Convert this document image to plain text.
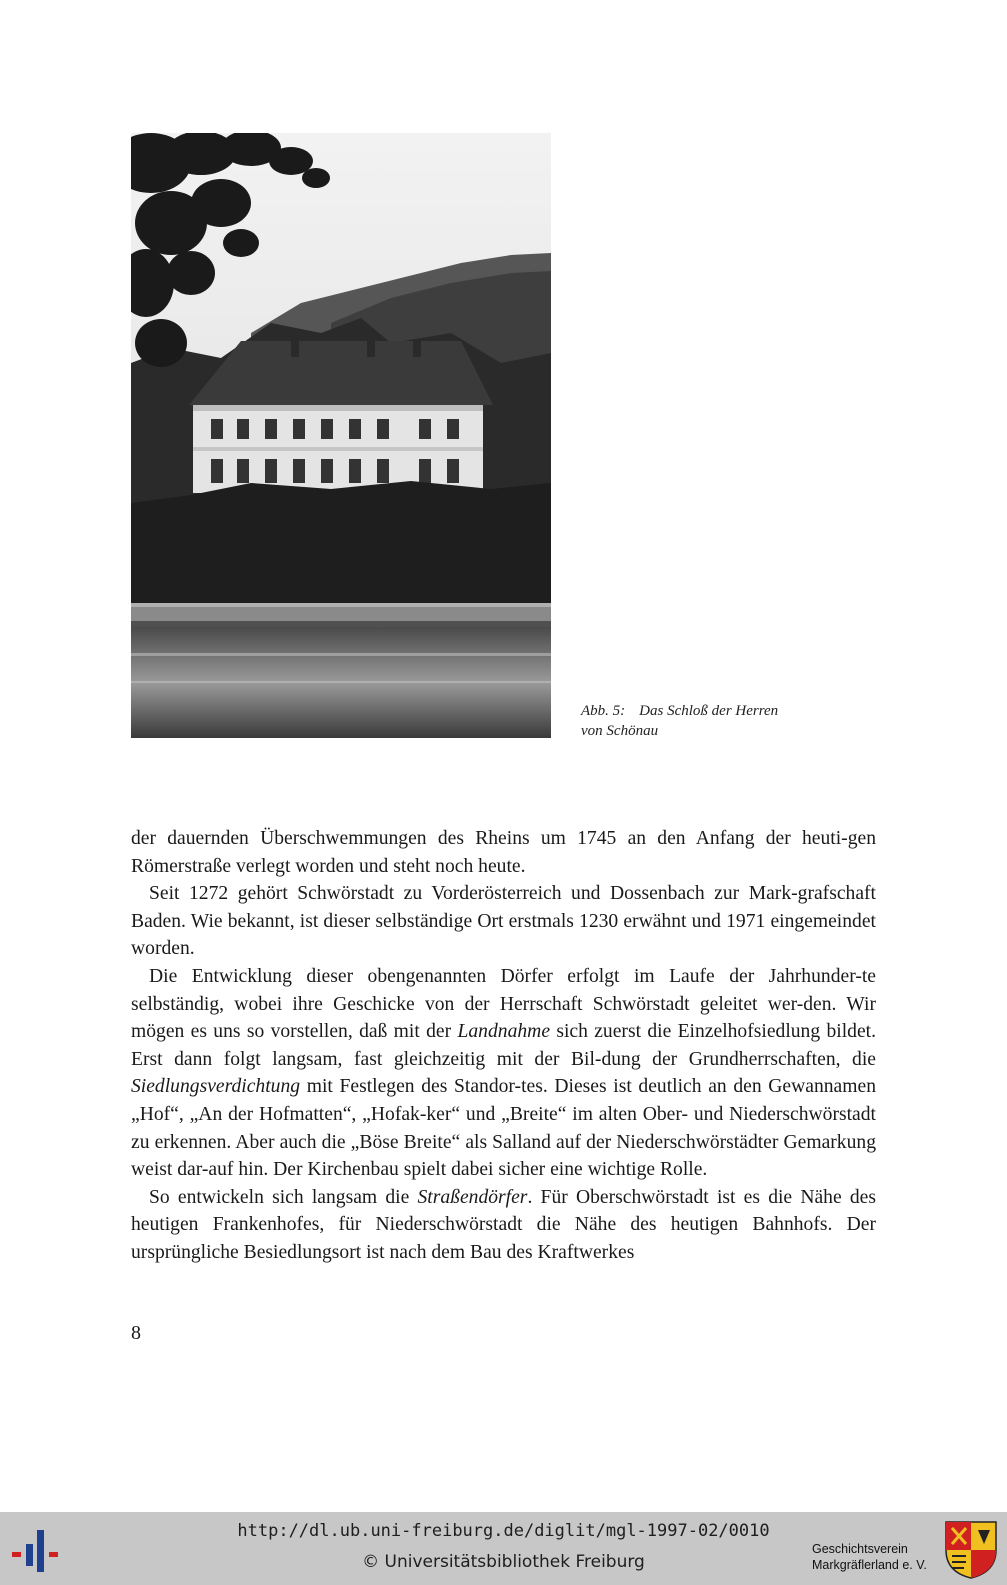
Abb. 5: Das Schloß der Herren
von Schönau

der dauernden Überschwemmungen des Rheins um 1745 an den Anfang der heuti-gen Römerstraße verlegt worden und steht noch heute.

Seit 1272 gehört Schwörstadt zu Vorderösterreich und Dossenbach zur Mark-grafschaft Baden. Wie bekannt, ist dieser selbständige Ort erstmals 1230 erwähnt und 1971 eingemeindet worden.

Die Entwicklung dieser obengenannten Dörfer erfolgt im Laufe der Jahrhunder-te selbständig, wobei ihre Geschicke von der Herrschaft Schwörstadt geleitet wer-den. Wir mögen es uns so vorstellen, daß mit der Landnahme sich zuerst die Einzelhofsiedlung bildet. Erst dann folgt langsam, fast gleichzeitig mit der Bil-dung der Grundherrschaften, die Siedlungsverdichtung mit Festlegen des Standor-tes. Dieses ist deutlich an den Gewannamen „Hof“, „An der Hofmatten“, „Hofak-ker“ und „Breite“ im alten Ober- und Niederschwörstadt zu erkennen. Aber auch die „Böse Breite“ als Salland auf der Niederschwörstädter Gemarkung weist dar-auf hin. Der Kirchenbau spielt dabei sicher eine wichtige Rolle.

So entwickeln sich langsam die Straßendörfer. Für Oberschwörstadt ist es die Nähe des heutigen Frankenhofes, für Niederschwörstadt die Nähe des heutigen Bahnhofs. Der ursprüngliche Besiedlungsort ist nach dem Bau des Kraftwerkes

8
http://dl.ub.uni-freiburg.de/diglit/mgl-1997-02/0010
© Universitätsbibliothek Freiburg
Geschichtsverein
Markgräflerland e. V.
